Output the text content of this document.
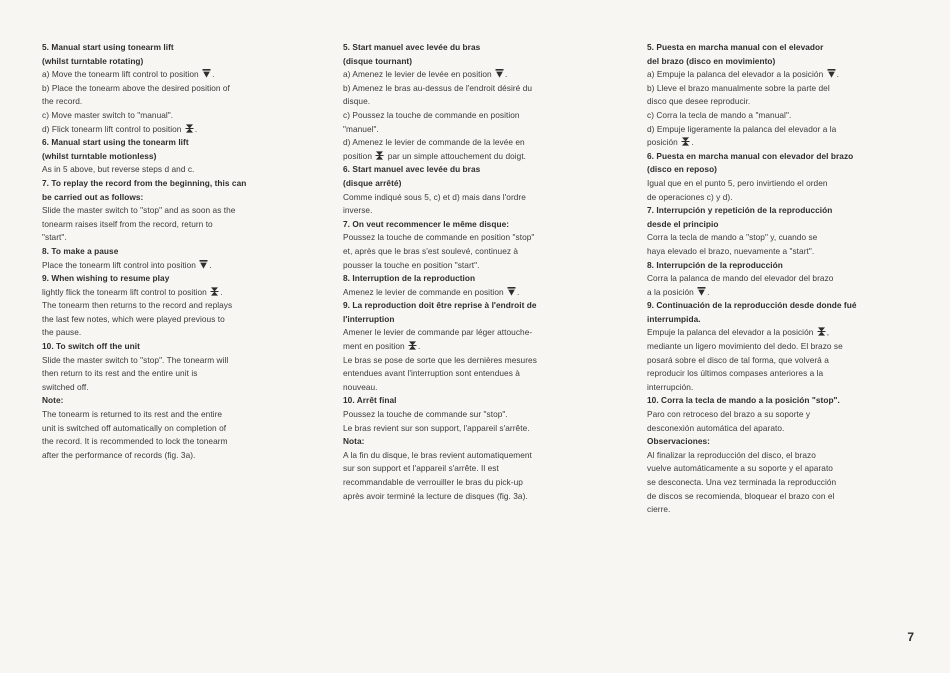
5. Manual start using tonearm lift
(whilst turntable rotating)
a) Move the tonearm lift control to position .
b) Place the tonearm above the desired position of
the record.
c) Move master switch to "manual".
d) Flick tonearm lift control to position .
6. Manual start using the tonearm lift
(whilst turntable motionless)
As in 5 above, but reverse steps d and c.
7. To replay the record from the beginning, this can
be carried out as follows:
Slide the master switch to "stop" and as soon as the
tonearm raises itself from the record, return to
"start".
8. To make a pause
Place the tonearm lift control into position .
9. When wishing to resume play
lightly flick the tonearm lift control to position .
The tonearm then returns to the record and replays
the last few notes, which were played previous to
the pause.
10. To switch off the unit
Slide the master switch to "stop". The tonearm will
then return to its rest and the entire unit is
switched off.
Note:
The tonearm is returned to its rest and the entire
unit is switched off automatically on completion of
the record. It is recommended to lock the tonearm
after the performance of records (fig. 3a).
5. Start manuel avec levée du bras
(disque tournant)
a) Amenez le levier de levée en position .
b) Amenez le bras au-dessus de l'endroit désiré du
disque.
c) Poussez la touche de commande en position
"manuel".
d) Amenez le levier de commande de la levée en
position
par un simple attouchement du doigt.
6. Start manuel avec levée du bras
(disque arrêté)
Comme indiqué sous 5, c) et d) mais dans l'ordre
inverse.
7. On veut recommencer le même disque:
Poussez la touche de commande en position "stop"
et, après que le bras s'est soulevé, continuez à
pousser la touche en position "start".
8. Interruption de la reproduction
Amenez le levier de commande en position .
9. La reproduction doit être reprise à l'endroit de
l'interruption
Amener le levier de commande par léger attouche-
ment en position .
Le bras se pose de sorte que les dernières mesures
entendues avant l'interruption sont entendues à
nouveau.
10. Arrêt final
Poussez la touche de commande sur "stop".
Le bras revient sur son support, l'appareil s'arrête.
Nota:
A la fin du disque, le bras revient automatiquement
sur son support et l'appareil s'arrête. Il est
recommandable de verrouiller le bras du pick-up
après avoir terminé la lecture de disques (fig. 3a).
5. Puesta en marcha manual con el elevador
del brazo (disco en movimiento)
a) Empuje la palanca del elevador a la posición .
b) Lleve el brazo manualmente sobre la parte del
disco que desee reproducir.
c) Corra la tecla de mando a "manual".
d) Empuje ligeramente la palanca del elevador a la
posición .
6. Puesta en marcha manual con elevador del brazo
(disco en reposo)
Igual que en el punto 5, pero invirtiendo el orden
de operaciones c) y d).
7. Interrupción y repetición de la reproducción
desde el principio
Corra la tecla de mando a "stop" y, cuando se
haya elevado el brazo, nuevamente a "start".
8. Interrupción de la reproducción
Corra la palanca de mando del elevador del brazo
a la posición .
9. Continuación de la reproducción desde donde fué
interrumpida.
Empuje la palanca del elevador a la posición ,
mediante un ligero movimiento del dedo. El brazo se
posará sobre el disco de tal forma, que volverá a
reproducir los últimos compases anteriores a la
interrupción.
10. Corra la tecla de mando a la posición "stop".
Paro con retroceso del brazo a su soporte y
desconexión automática del aparato.
Observaciones:
Al finalizar la reproducción del disco, el brazo
vuelve automáticamente a su soporte y el aparato
se desconecta. Una vez terminada la reproducción
de discos se recomienda, bloquear el brazo con el
cierre.
7
